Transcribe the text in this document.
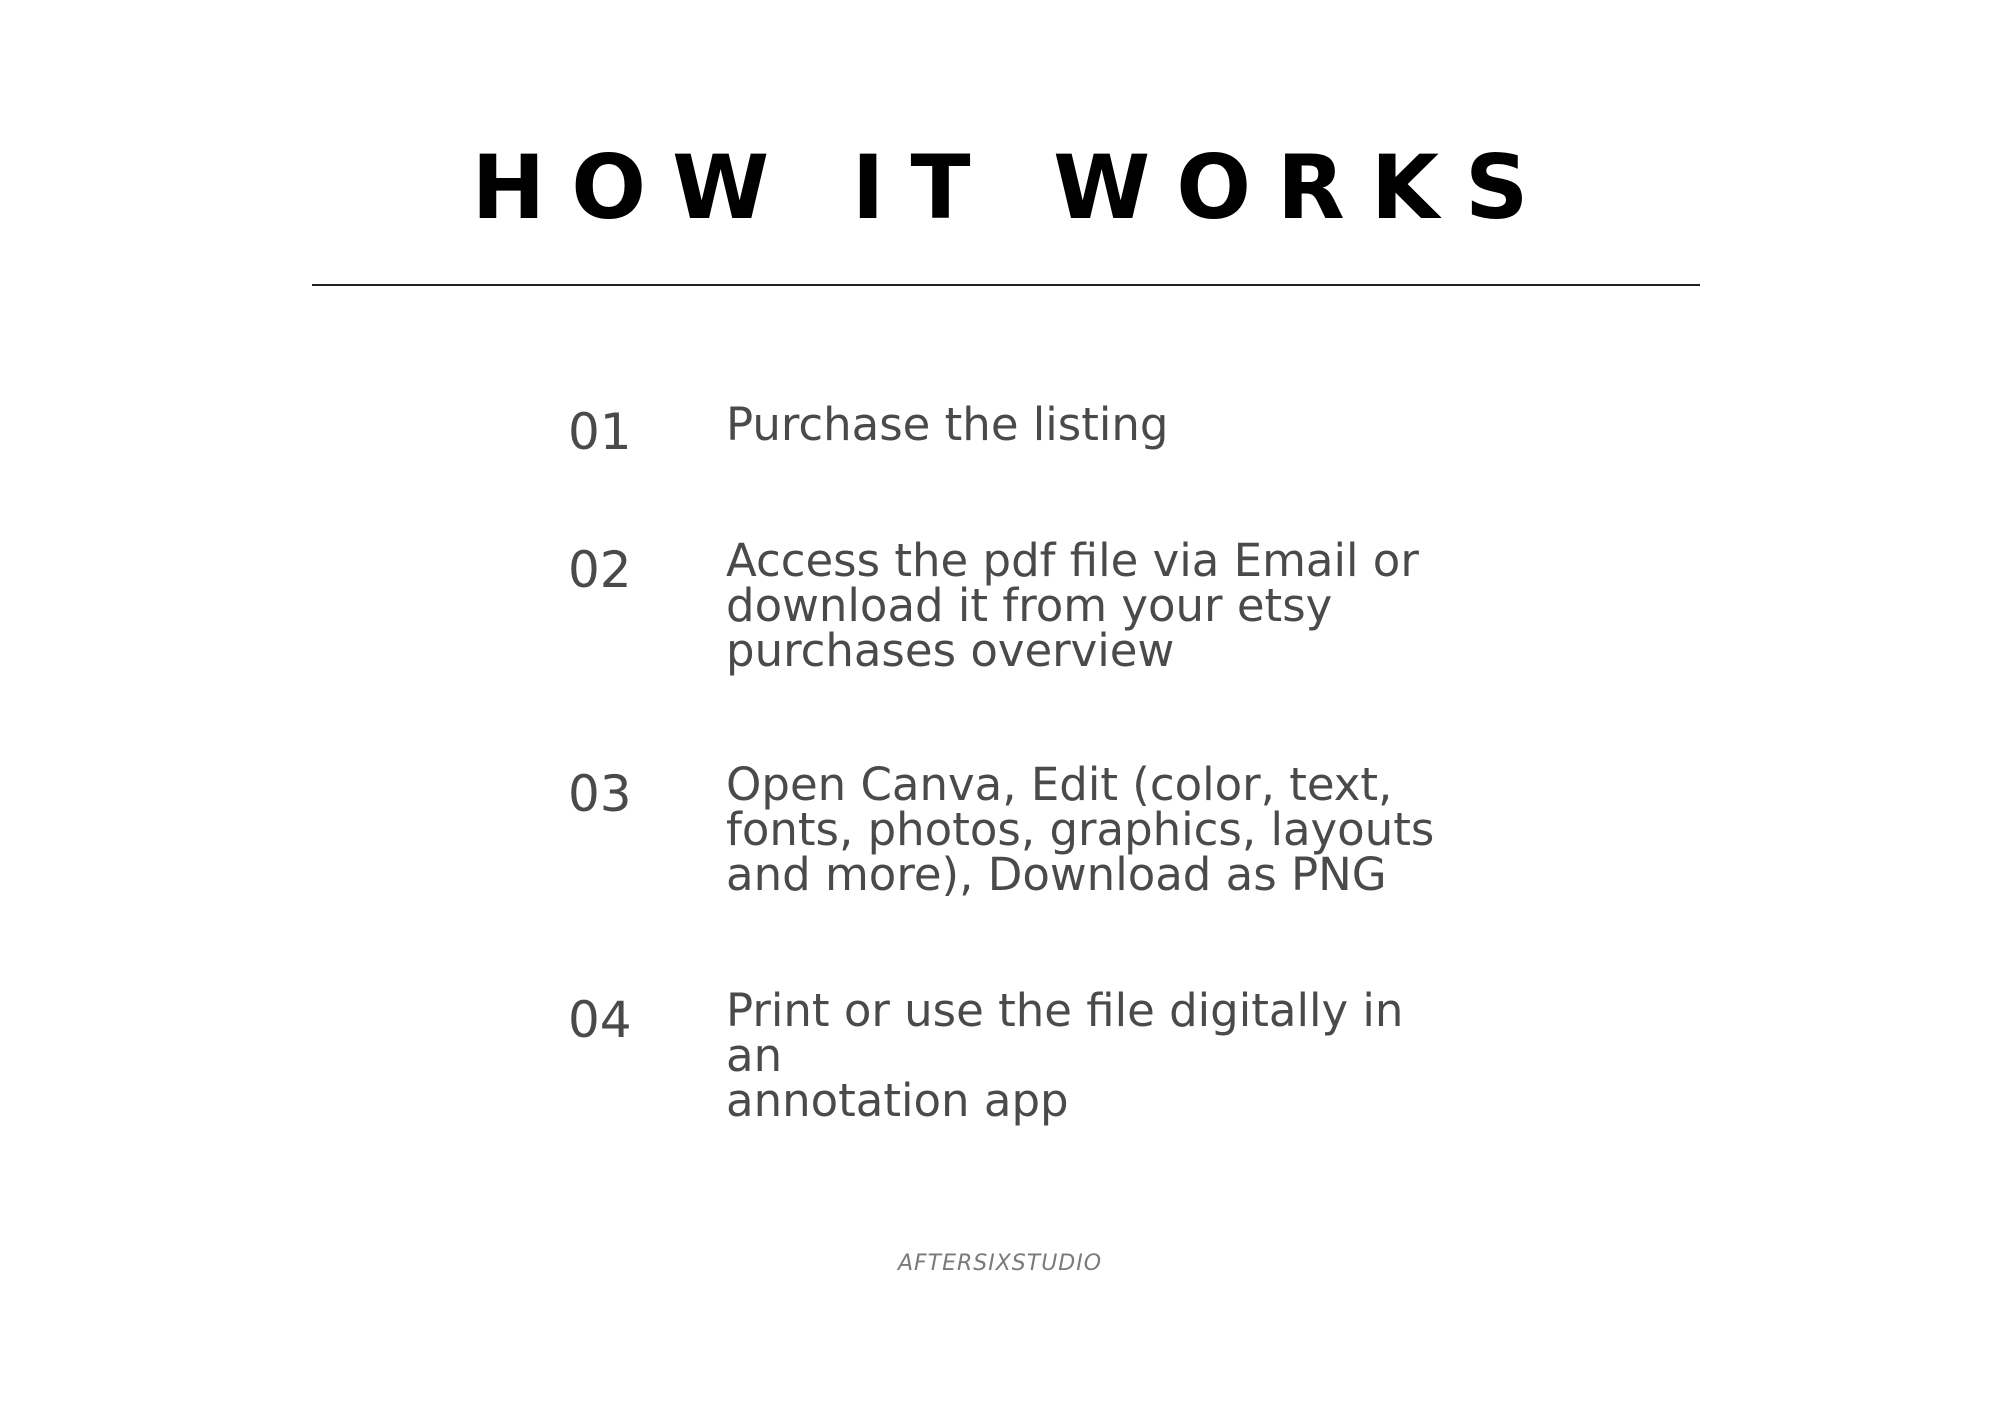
HOW IT WORKS
01 Purchase the listing
02 Access the pdf file via Email or
download it from your etsy
purchases overview
03 Open Canva, Edit (color, text,
fonts, photos, graphics, layouts
and more), Download as PNG
04 Print or use the file digitally in an
annotation app
AFTERSIXSTUDIO
